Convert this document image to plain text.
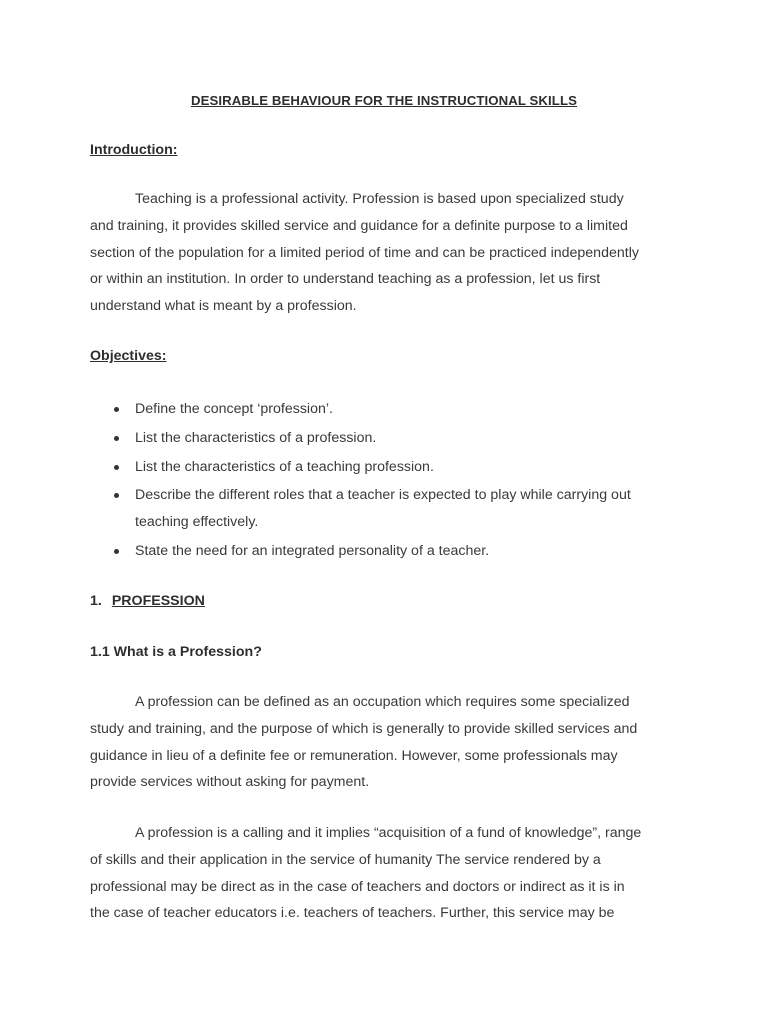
DESIRABLE BEHAVIOUR FOR THE INSTRUCTIONAL SKILLS
Introduction:
Teaching is a professional activity. Profession is based upon specialized study
and training, it provides skilled service and guidance for a definite purpose to a limited
section of the population for a limited period of time and can be practiced independently
or within an institution. In order to understand teaching as a profession, let us first
understand what is meant by a profession.
Objectives:
Define the concept ‘profession’.
List the characteristics of a profession.
List the characteristics of a teaching profession.
Describe the different roles that a teacher is expected to play while carrying out
teaching effectively.
State the need for an integrated personality of a teacher.
1. PROFESSION
1.1 What is a Profession?
A profession can be defined as an occupation which requires some specialized
study and training, and the purpose of which is generally to provide skilled services and
guidance in lieu of a definite fee or remuneration. However, some professionals may
provide services without asking for payment.
A profession is a calling and it implies “acquisition of a fund of knowledge”, range
of skills and their application in the service of humanity The service rendered by a
professional may be direct as in the case of teachers and doctors or indirect as it is in
the case of teacher educators i.e. teachers of teachers. Further, this service may be
